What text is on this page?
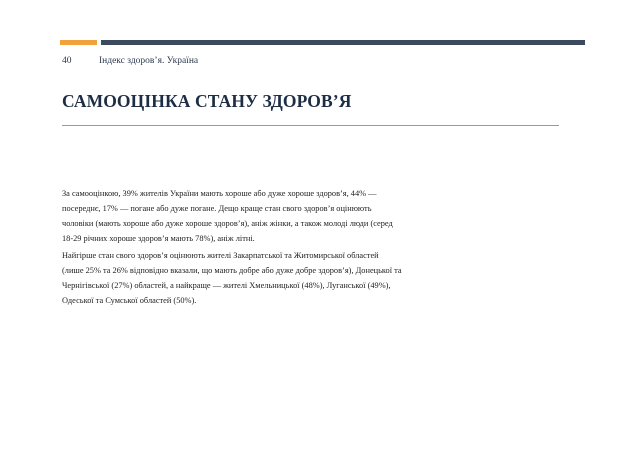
40	Індекс здоров’я. Україна
САМООЦІНКА СТАНУ ЗДОРОВ’Я

За самооцінкою, 39% жителів України мають хороше або дуже хороше здоров’я, 44% — посереднє, 17% — погане або дуже погане. Дещо краще стан свого здоров’я оцінюють чоловіки (мають хороше або дуже хороше здоров’я), аніж жінки, а також молоді люди (серед 18-29 річних хороше здоров’я мають 78%), аніж літні.

Найгірше стан свого здоров’я оцінюють жителі Закарпатської та Житомирської областей (лише 25% та 26% відповідно вказали, що мають добре або дуже добре здоров’я), Донецької та Чернігівської (27%) областей, а найкраще — жителі Хмельницької (48%), Луганської (49%), Одеської та Сумської областей (50%).
